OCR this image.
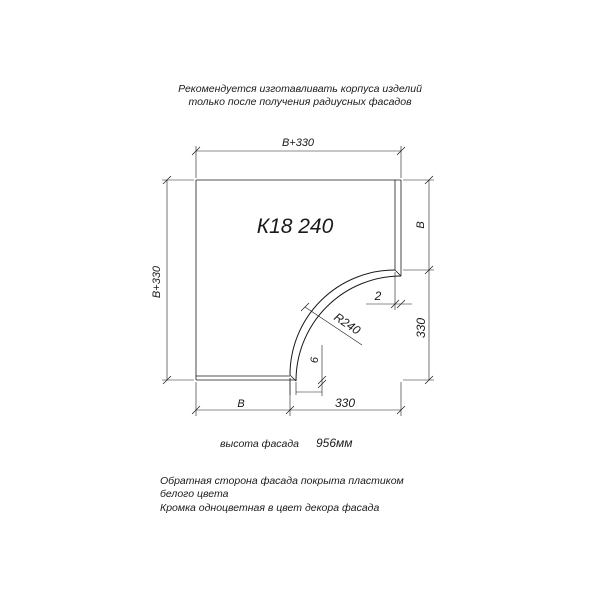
Рекомендуется изготавливать корпуса изделий
только после получения радиусных фасадов
К18 240
В+330
В+330
В
330
В	330
2
R240
6
высота фасада 956мм
Обратная сторона фасада покрыта пластиком
белого цвета
Кромка одноцветная в цвет декора фасада
